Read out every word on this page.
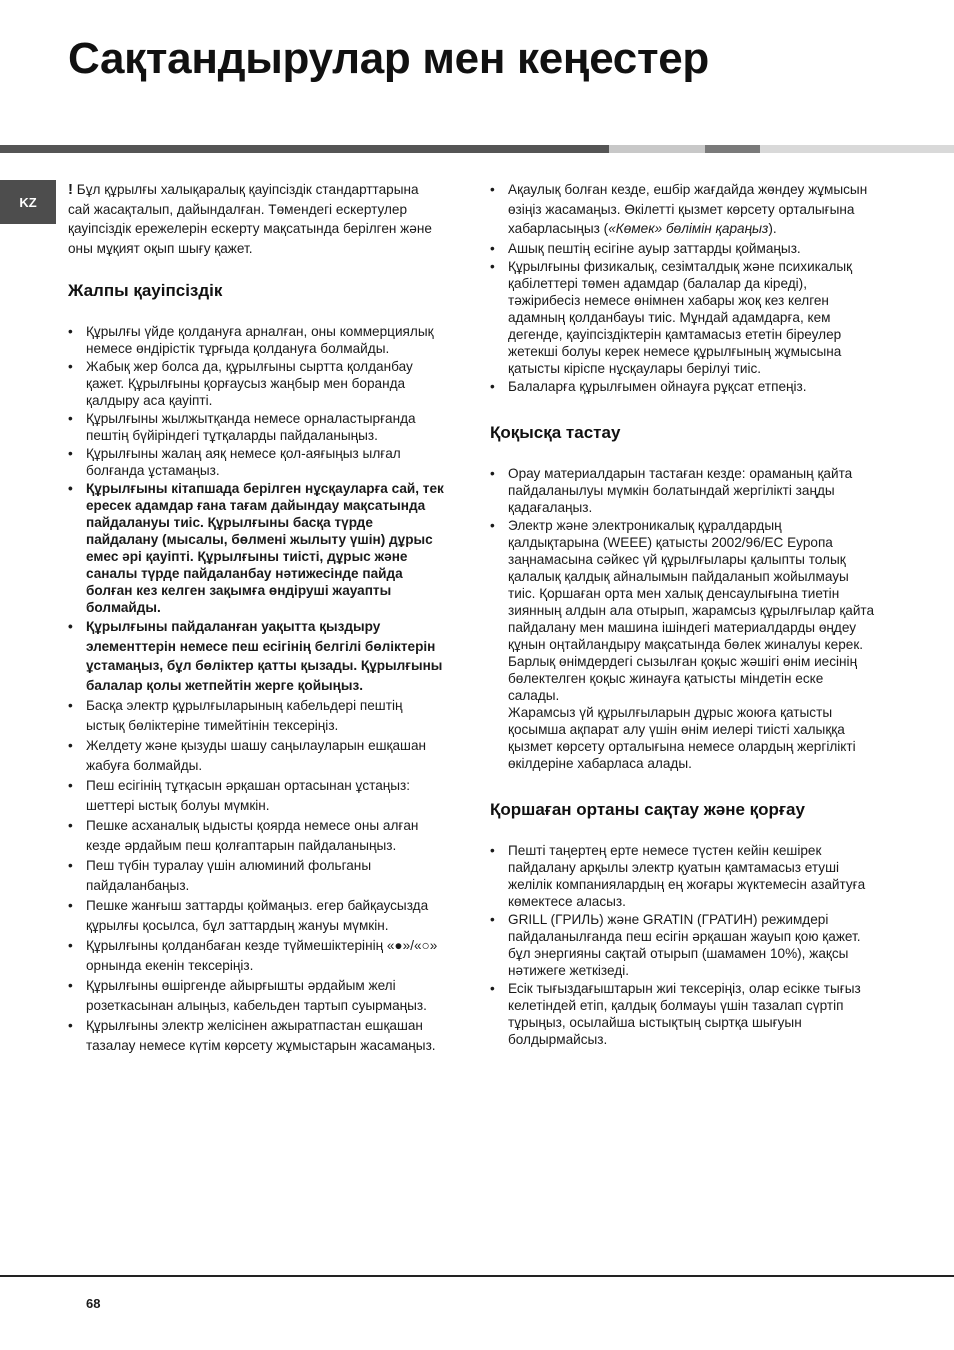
Сақтандырулар мен кеңестер
KZ

! Бұл құрылғы халықаралық қауіпсіздік стандарттарына сай жасақталып, дайындалған. Төмендегі ескертулер қауіпсіздік ережелерін ескерту мақсатында берілген және оны мұқият оқып шығу қажет.

Жалпы қауіпсіздік
• Құрылғы үйде қолдануға арналған, оны коммерциялық немесе өндірістік тұрғыда қолдануға болмайды.
• Жабық жер болса да, құрылғыны сыртта қолданбау қажет. Құрылғыны қорғаусыз жаңбыр мен боранда қалдыру аса қауіпті.
• Құрылғыны жылжытқанда немесе орналастырғанда пештің бүйіріндегі тұтқаларды пайдаланыңыз.
• Құрылғыны жалаң аяқ немесе қол-аяғыңыз ылғал болғанда ұстамаңыз.
• Құрылғыны кітапшада берілген нұсқауларға сай, тек ересек адамдар ғана тағам дайындау мақсатында пайдалануы тиіс. Құрылғыны басқа түрде пайдалану (мысалы, бөлмені жылыту үшін) дұрыс емес әрі қауіпті. Құрылғыны тиісті, дұрыс және саналы түрде пайдаланбау нәтижесінде пайда болған кез келген зақымға өндіруші жауапты болмайды.
• Құрылғыны пайдаланған уақытта қыздыру элементтерін немесе пеш есігінің белгілі бөліктерін ұстамаңыз, бұл бөліктер қатты қызады. Құрылғыны балалар қолы жетпейтін жерге қойыңыз.
• Басқа электр құрылғыларының кабельдері пештің ыстық бөліктеріне тимейтінін тексеріңіз.
• Желдету және қызуды шашу саңылауларын ешқашан жабуға болмайды.
• Пеш есігінің тұтқасын әрқашан ортасынан ұстаңыз: шеттері ыстық болуы мүмкін.
• Пешке асханалық ыдысты қоярда немесе оны алған кезде әрдайым пеш қолғаптарын пайдаланыңыз.
• Пеш түбін туралау үшін алюминий фольганы пайдаланбаңыз.
• Пешке жанғыш заттарды қоймаңыз. егер байқаусызда құрылғы қосылса, бұл заттардың жануы мүмкін.
• Құрылғыны қолданбаған кезде түймешіктерінің «●»/«○» орнында екенін тексеріңіз.
• Құрылғыны өшіргенде айырғышты әрдайым желі розеткасынан алыңыз, кабельден тартып суырмаңыз.
• Құрылғыны электр желісінен ажыратпастан ешқашан тазалау немесе күтім көрсету жұмыстарын жасамаңыз.
• Ақаулық болған кезде, ешбір жағдайда жөндеу жұмысын өзіңіз жасамаңыз. Өкілетті қызмет көрсету орталығына хабарласыңыз («Көмек» бөлімін қараңыз).
• Ашық пештің есігіне ауыр заттарды қоймаңыз.
• Құрылғыны физикалық, сезімталдық және психикалық қабілеттері төмен адамдар (балалар да кіреді), тәжірибесіз немесе өнімнен хабары жоқ кез келген адамның қолданбауы тиіс. Мұндай адамдарға, кем дегенде, қауіпсіздіктерін қамтамасыз ететін біреулер жетекші болуы керек немесе құрылғының жұмысына қатысты кіріспе нұсқаулары берілуі тиіс.
• Балаларға құрылғымен ойнауға рұқсат етпеңіз.
Қоқысқа тастау
• Орау материалдарын тастаған кезде: ораманың қайта пайдаланылуы мүмкін болатындай жергілікті заңды қадағалаңыз.
• Электр және электроникалық құралдардың қалдықтарына (WEEE) қатысты 2002/96/EC Еуропа заңнамасына сәйкес үй құрылғылары қалыпты толық қалалық қалдық айналымын пайдаланып жойылмауы тиіс. Қоршаған орта мен халық денсаулығына тиетін зиянның алдын ала отырып, жарамсыз құрылғылар қайта пайдалану мен машина ішіндегі материалдарды өңдеу құнын оңтайландыру мақсатында бөлек жиналуы керек. Барлық өнімдердегі сызылған қоқыс жәшігі өнім иесінің бөлектелген қоқыс жинауға қатысты міндетін еске салады.
Жарамсыз үй құрылғыларын дұрыс жоюға қатысты қосымша ақпарат алу үшін өнім иелері тиісті халыққа қызмет көрсету орталығына немесе олардың жергілікті өкілдеріне хабарласа алады.
Қоршаған ортаны сақтау және қорғау
• Пешті таңертең ерте немесе түстен кейін кешірек пайдалану арқылы электр қуатын қамтамасыз етуші желілік компаниялардың ең жоғары жүктемесін азайтуға көмектесе аласыз.
• GRILL (ГРИЛЬ) және GRATIN (ГРАТИН) режимдері пайдаланылғанда пеш есігін әрқашан жауып қою қажет. бұл энергияны сақтай отырып (шамамен 10%), жақсы нәтижеге жеткізеді.
• Есік тығыздағыштарын жиі тексеріңіз, олар есікке тығыз келетіндей етіп, қалдық болмауы үшін тазалап сүртіп тұрыңыз, осылайша ыстықтың сыртқа шығуын болдырмайсыз.
68
